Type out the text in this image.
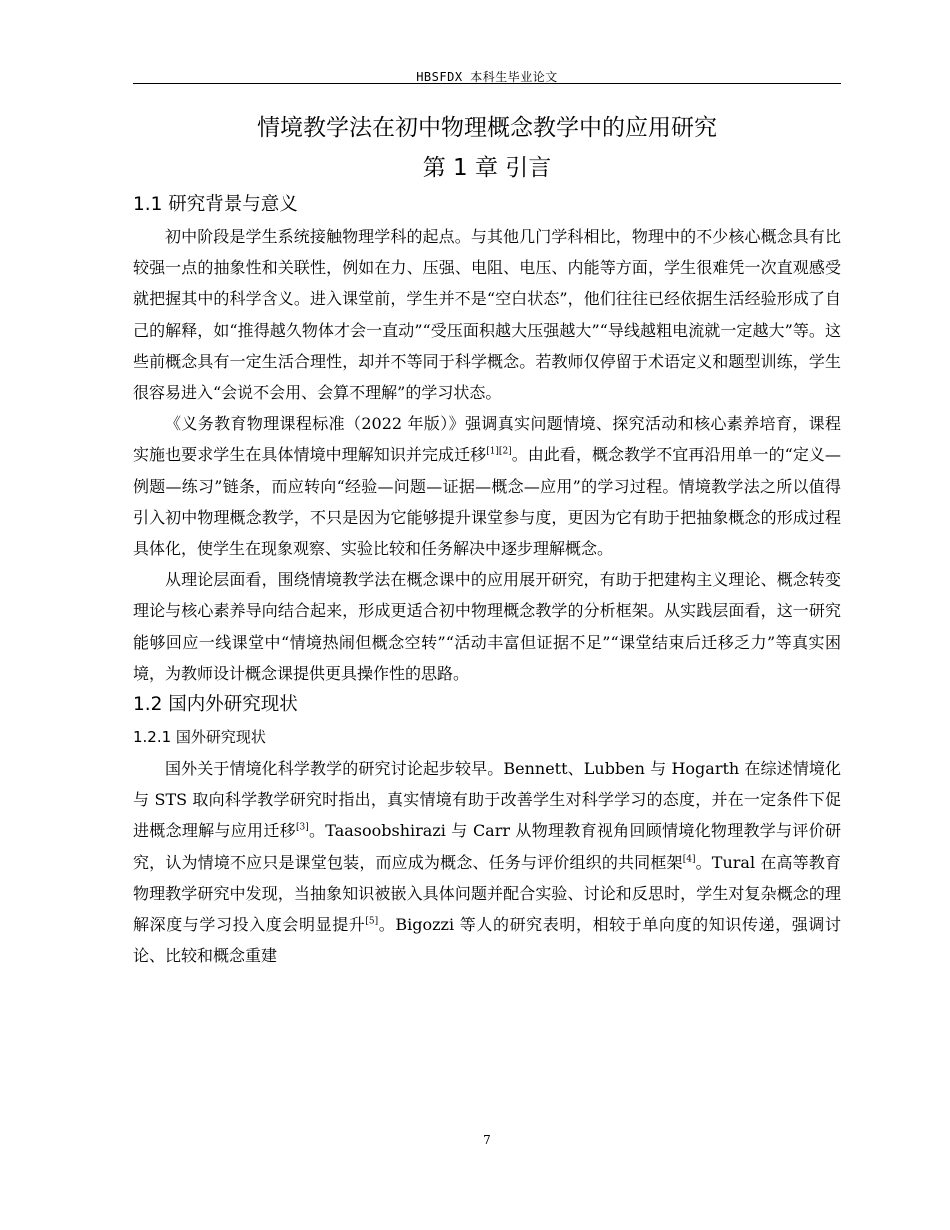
HBSFDX 本科生毕业论文
情境教学法在初中物理概念教学中的应用研究
第 1 章 引言
1.1 研究背景与意义

初中阶段是学生系统接触物理学科的起点。与其他几门学科相比，物理中的不少核心概念具有比较强一点的抽象性和关联性，例如在力、压强、电阻、电压、内能等方面，学生很难凭一次直观感受就把握其中的科学含义。进入课堂前，学生并不是“空白状态”，他们往往已经依据生活经验形成了自己的解释，如“推得越久物体才会一直动”“受压面积越大压强越大”“导线越粗电流就一定越大”等。这些前概念具有一定生活合理性，却并不等同于科学概念。若教师仅停留于术语定义和题型训练，学生很容易进入“会说不会用、会算不理解”的学习状态。

《义务教育物理课程标准（2022 年版）》强调真实问题情境、探究活动和核心素养培育，课程实施也要求学生在具体情境中理解知识并完成迁移[1][2]。由此看，概念教学不宜再沿用单一的“定义—例题—练习”链条，而应转向“经验—问题—证据—概念—应用”的学习过程。情境教学法之所以值得引入初中物理概念教学，不只是因为它能够提升课堂参与度，更因为它有助于把抽象概念的形成过程具体化，使学生在现象观察、实验比较和任务解决中逐步理解概念。

从理论层面看，围绕情境教学法在概念课中的应用展开研究，有助于把建构主义理论、概念转变理论与核心素养导向结合起来，形成更适合初中物理概念教学的分析框架。从实践层面看，这一研究能够回应一线课堂中“情境热闹但概念空转”“活动丰富但证据不足”“课堂结束后迁移乏力”等真实困境，为教师设计概念课提供更具操作性的思路。

1.2 国内外研究现状
1.2.1 国外研究现状

国外关于情境化科学教学的研究讨论起步较早。Bennett、Lubben 与 Hogarth 在综述情境化与 STS 取向科学教学研究时指出，真实情境有助于改善学生对科学学习的态度，并在一定条件下促进概念理解与应用迁移[3]。Taasoobshirazi 与 Carr 从物理教育视角回顾情境化物理教学与评价研究，认为情境不应只是课堂包装，而应成为概念、任务与评价组织的共同框架[4]。Tural 在高等教育物理教学研究中发现，当抽象知识被嵌入具体问题并配合实验、讨论和反思时，学生对复杂概念的理解深度与学习投入度会明显提升[5]。Bigozzi 等人的研究表明，相较于单向度的知识传递，强调讨论、比较和概念重建

7
